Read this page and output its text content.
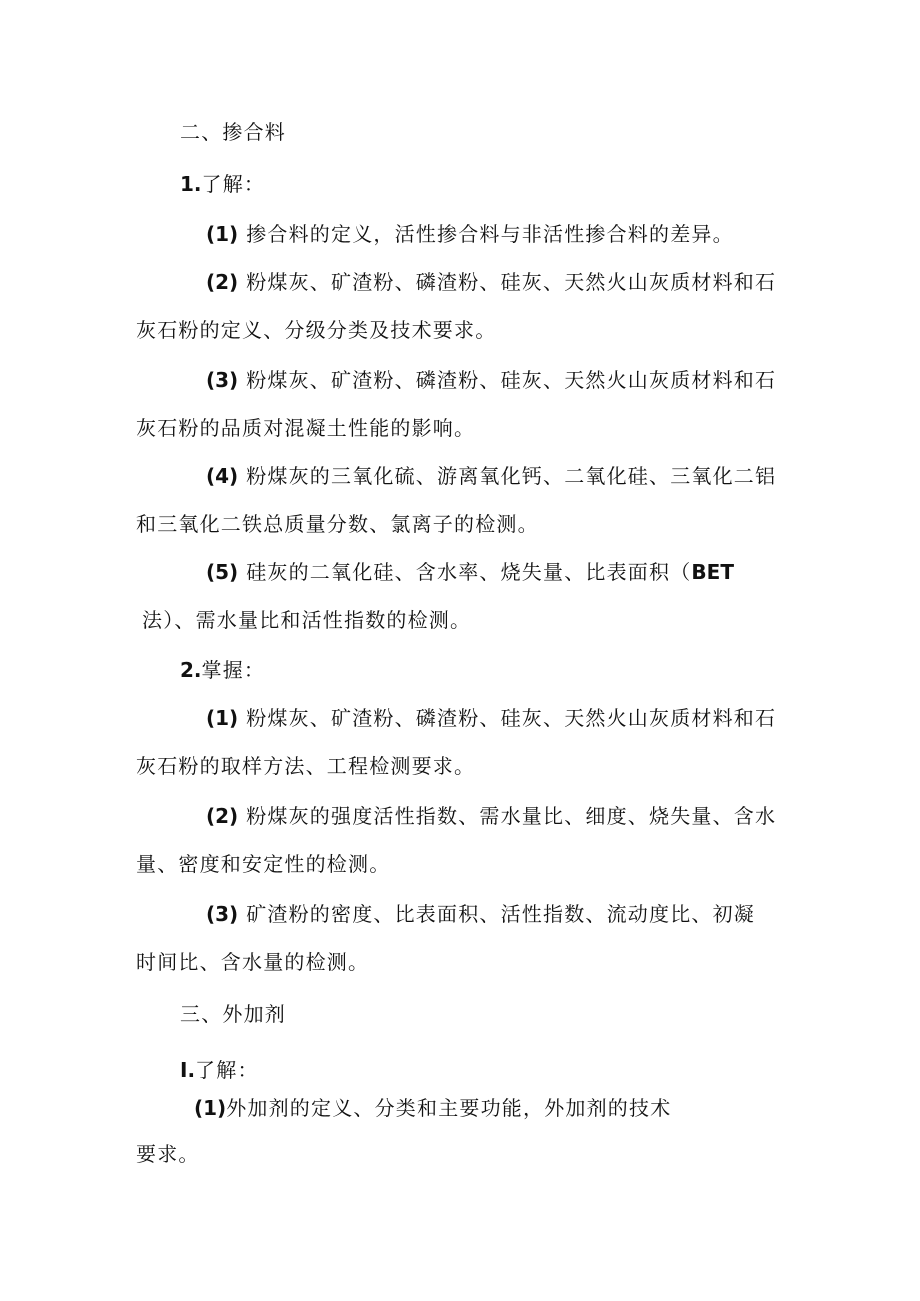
二、掺合料
1.了解：
(1) 掺合料的定义，活性掺合料与非活性掺合料的差异。
(2) 粉煤灰、矿渣粉、磷渣粉、硅灰、天然火山灰质材料和石
灰石粉的定义、分级分类及技术要求。
(3) 粉煤灰、矿渣粉、磷渣粉、硅灰、天然火山灰质材料和石
灰石粉的品质对混凝土性能的影响。
(4) 粉煤灰的三氧化硫、游离氧化钙、二氧化硅、三氧化二铝
和三氧化二铁总质量分数、氯离子的检测。
(5) 硅灰的二氧化硅、含水率、烧失量、比表面积（BET
法）、需水量比和活性指数的检测。
2.掌握：
(1) 粉煤灰、矿渣粉、磷渣粉、硅灰、天然火山灰质材料和石
灰石粉的取样方法、工程检测要求。
(2) 粉煤灰的强度活性指数、需水量比、细度、烧失量、含水
量、密度和安定性的检测。
(3) 矿渣粉的密度、比表面积、活性指数、流动度比、初凝
时间比、含水量的检测。
三、外加剂
I.了解：
(1)外加剂的定义、分类和主要功能，外加剂的技术
要求。
